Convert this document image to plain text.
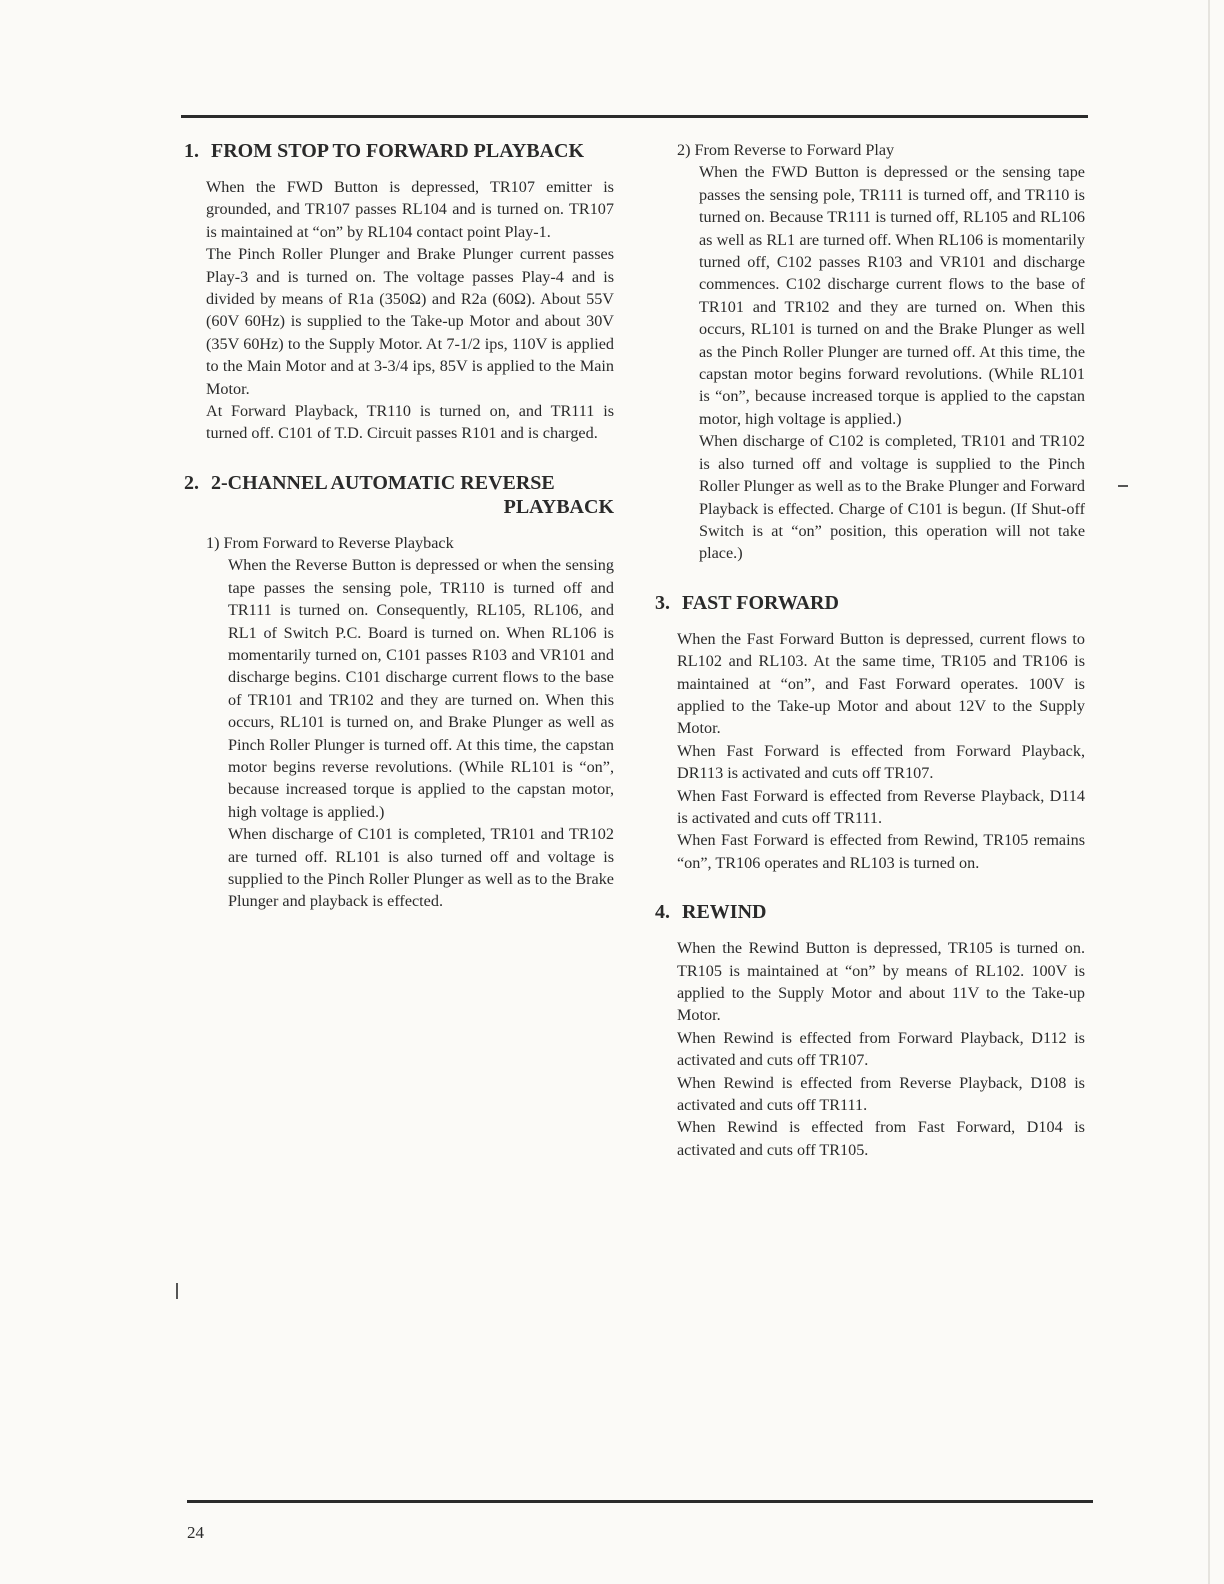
1. FROM STOP TO FORWARD PLAYBACK

When the FWD Button is depressed, TR107 emitter is grounded, and TR107 passes RL104 and is turned on. TR107 is maintained at “on” by RL104 contact point Play-1.

The Pinch Roller Plunger and Brake Plunger current passes Play-3 and is turned on. The voltage passes Play-4 and is divided by means of R1a (350Ω) and R2a (60Ω). About 55V (60V 60Hz) is supplied to the Take-up Motor and about 30V (35V 60Hz) to the Supply Motor. At 7-1/2 ips, 110V is applied to the Main Motor and at 3-3/4 ips, 85V is applied to the Main Motor.

At Forward Playback, TR110 is turned on, and TR111 is turned off. C101 of T.D. Circuit passes R101 and is charged.

2. 2-CHANNEL AUTOMATIC REVERSE
PLAYBACK

1) From Forward to Reverse Playback

When the Reverse Button is depressed or when the sensing tape passes the sensing pole, TR110 is turned off and TR111 is turned on. Consequently, RL105, RL106, and RL1 of Switch P.C. Board is turned on. When RL106 is momentarily turned on, C101 passes R103 and VR101 and discharge begins. C101 discharge current flows to the base of TR101 and TR102 and they are turned on. When this occurs, RL101 is turned on, and Brake Plunger as well as Pinch Roller Plunger is turned off. At this time, the capstan motor begins reverse revolutions. (While RL101 is “on”, because increased torque is applied to the capstan motor, high voltage is applied.)

When discharge of C101 is completed, TR101 and TR102 are turned off. RL101 is also turned off and voltage is supplied to the Pinch Roller Plunger as well as to the Brake Plunger and playback is effected.

2) From Reverse to Forward Play

When the FWD Button is depressed or the sensing tape passes the sensing pole, TR111 is turned off, and TR110 is turned on. Because TR111 is turned off, RL105 and RL106 as well as RL1 are turned off. When RL106 is momentarily turned off, C102 passes R103 and VR101 and discharge commences. C102 discharge current flows to the base of TR101 and TR102 and they are turned on. When this occurs, RL101 is turned on and the Brake Plunger as well as the Pinch Roller Plunger are turned off. At this time, the capstan motor begins forward revolutions. (While RL101 is “on”, because increased torque is applied to the capstan motor, high voltage is applied.)

When discharge of C102 is completed, TR101 and TR102 is also turned off and voltage is supplied to the Pinch Roller Plunger as well as to the Brake Plunger and Forward Playback is effected. Charge of C101 is begun. (If Shut-off Switch is at “on” position, this operation will not take place.)

3. FAST FORWARD

When the Fast Forward Button is depressed, current flows to RL102 and RL103. At the same time, TR105 and TR106 is maintained at “on”, and Fast Forward operates. 100V is applied to the Take-up Motor and about 12V to the Supply Motor.

When Fast Forward is effected from Forward Playback, DR113 is activated and cuts off TR107.

When Fast Forward is effected from Reverse Playback, D114 is activated and cuts off TR111.

When Fast Forward is effected from Rewind, TR105 remains “on”, TR106 operates and RL103 is turned on.

4. REWIND

When the Rewind Button is depressed, TR105 is turned on. TR105 is maintained at “on” by means of RL102. 100V is applied to the Supply Motor and about 11V to the Take-up Motor.

When Rewind is effected from Forward Playback, D112 is activated and cuts off TR107.

When Rewind is effected from Reverse Playback, D108 is activated and cuts off TR111.

When Rewind is effected from Fast Forward, D104 is activated and cuts off TR105.

24
